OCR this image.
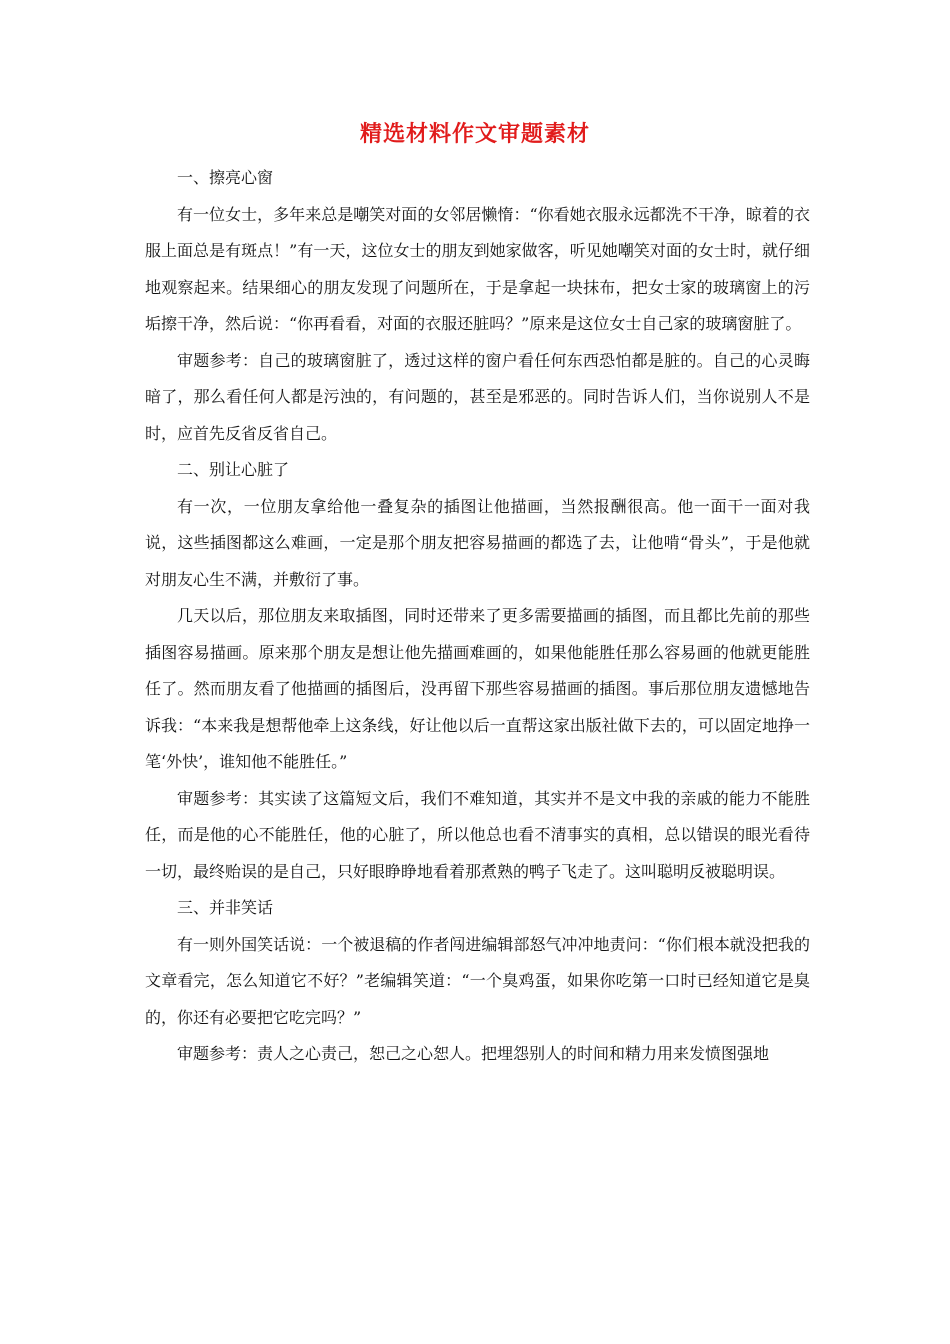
精选材料作文审题素材

一、擦亮心窗

有一位女士，多年来总是嘲笑对面的女邻居懒惰：“你看她衣服永远都洗不干净，晾着的衣服上面总是有斑点！”有一天，这位女士的朋友到她家做客，听见她嘲笑对面的女士时，就仔细地观察起来。结果细心的朋友发现了问题所在，于是拿起一块抹布，把女士家的玻璃窗上的污垢擦干净，然后说：“你再看看，对面的衣服还脏吗？”原来是这位女士自己家的玻璃窗脏了。

审题参考：自己的玻璃窗脏了，透过这样的窗户看任何东西恐怕都是脏的。自己的心灵晦暗了，那么看任何人都是污浊的，有问题的，甚至是邪恶的。同时告诉人们，当你说别人不是时，应首先反省反省自己。

二、别让心脏了

有一次，一位朋友拿给他一叠复杂的插图让他描画，当然报酬很高。他一面干一面对我说，这些插图都这么难画，一定是那个朋友把容易描画的都选了去，让他啃“骨头”，于是他就对朋友心生不满，并敷衍了事。

几天以后，那位朋友来取插图，同时还带来了更多需要描画的插图，而且都比先前的那些插图容易描画。原来那个朋友是想让他先描画难画的，如果他能胜任那么容易画的他就更能胜任了。然而朋友看了他描画的插图后，没再留下那些容易描画的插图。事后那位朋友遗憾地告诉我：“本来我是想帮他牵上这条线，好让他以后一直帮这家出版社做下去的，可以固定地挣一笔‘外快’，谁知他不能胜任。”

审题参考：其实读了这篇短文后，我们不难知道，其实并不是文中我的亲戚的能力不能胜任，而是他的心不能胜任，他的心脏了，所以他总也看不清事实的真相，总以错误的眼光看待一切，最终贻误的是自己，只好眼睁睁地看着那煮熟的鸭子飞走了。这叫聪明反被聪明误。

三、并非笑话

有一则外国笑话说：一个被退稿的作者闯进编辑部怒气冲冲地责问：“你们根本就没把我的文章看完，怎么知道它不好？”老编辑笑道：“一个臭鸡蛋，如果你吃第一口时已经知道它是臭的，你还有必要把它吃完吗？”

审题参考：责人之心责己，恕己之心恕人。把埋怨别人的时间和精力用来发愤图强地
